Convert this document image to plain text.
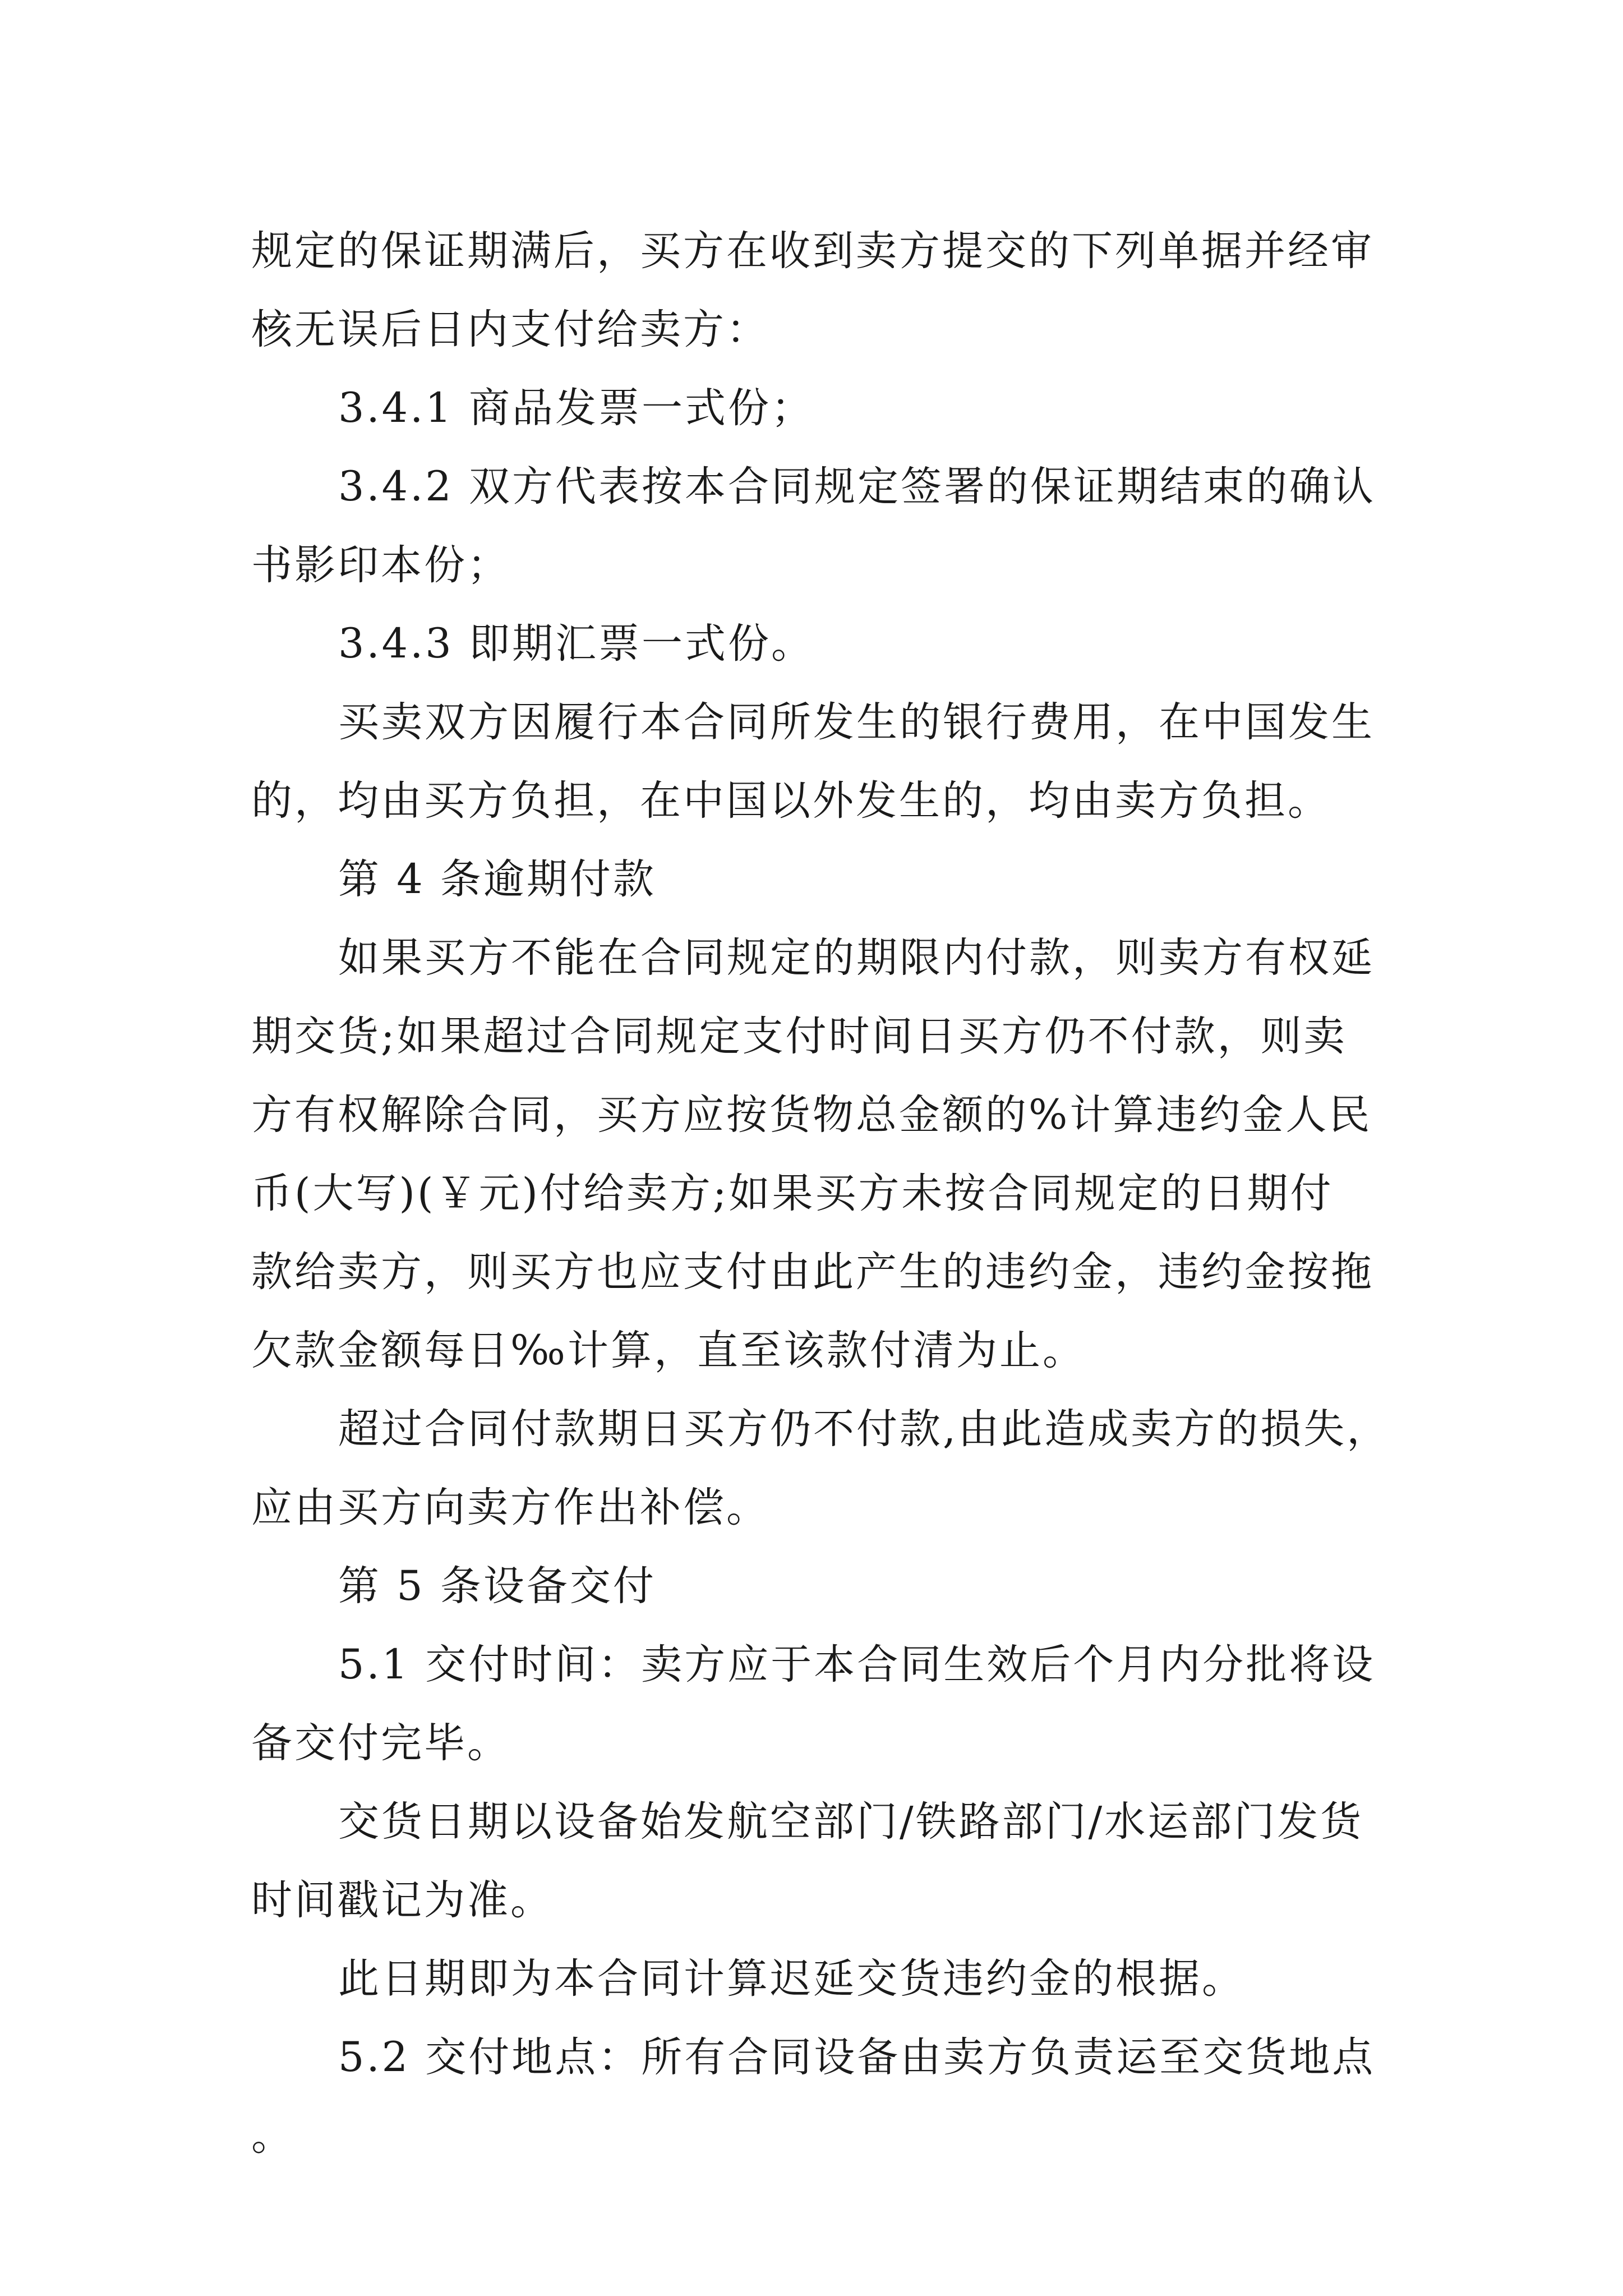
规定的保证期满后，买方在收到卖方提交的下列单据并经审
核无误后日内支付给卖方：

3.4.1 商品发票一式份；

3.4.2 双方代表按本合同规定签署的保证期结束的确认
书影印本份；

3.4.3 即期汇票一式份。

买卖双方因履行本合同所发生的银行费用，在中国发生
的，均由买方负担，在中国以外发生的，均由卖方负担。

第 4 条逾期付款

如果买方不能在合同规定的期限内付款，则卖方有权延
期交货;如果超过合同规定支付时间日买方仍不付款，则卖
方有权解除合同，买方应按货物总金额的%计算违约金人民
币(大写)(￥元)付给卖方;如果买方未按合同规定的日期付
款给卖方，则买方也应支付由此产生的违约金，违约金按拖
欠款金额每日‰计算，直至该款付清为止。

超过合同付款期日买方仍不付款,由此造成卖方的损失，
应由买方向卖方作出补偿。

第 5 条设备交付

5.1 交付时间：卖方应于本合同生效后个月内分批将设
备交付完毕。

交货日期以设备始发航空部门/铁路部门/水运部门发货
时间戳记为准。

此日期即为本合同计算迟延交货违约金的根据。

5.2 交付地点：所有合同设备由卖方负责运至交货地点。
